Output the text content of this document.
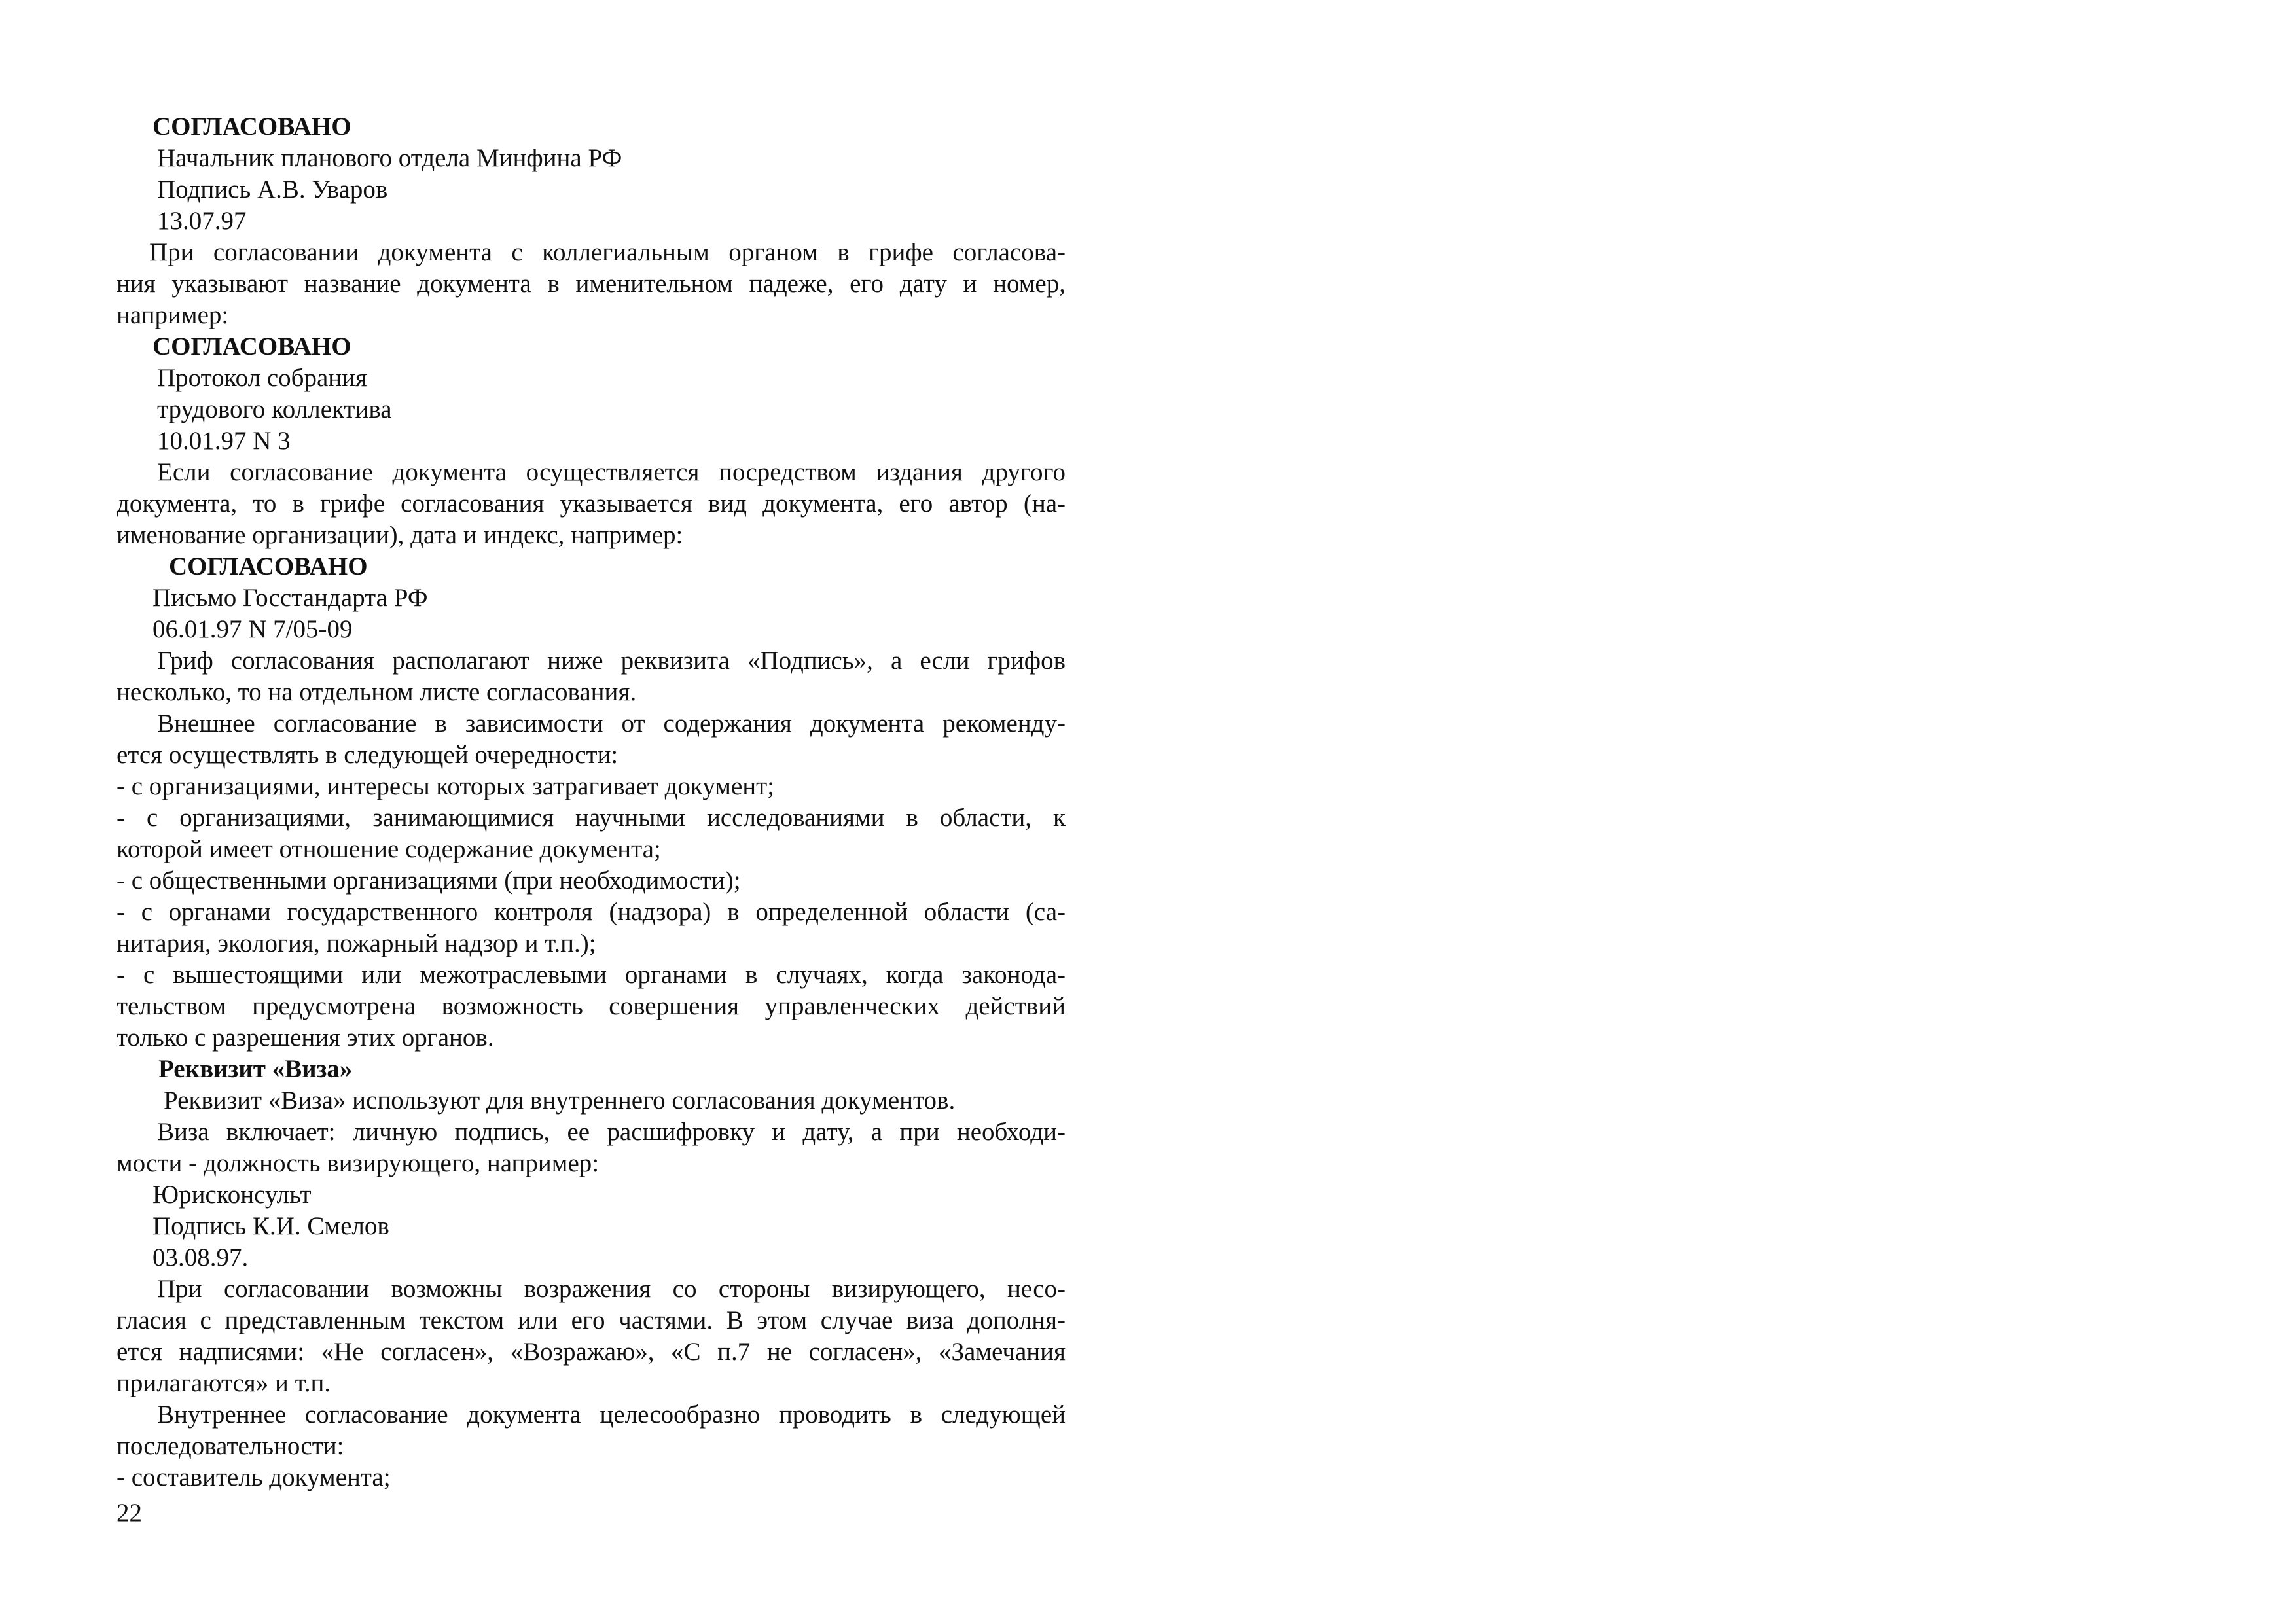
СОГЛАСОВАНО
Начальник планового отдела Минфина РФ
Подпись А.В. Уваров
13.07.97
При согласовании документа с коллегиальным органом в грифе согласова-
ния указывают название документа в именительном падеже, его дату и номер,
например:
СОГЛАСОВАНО
Протокол собрания
трудового коллектива
10.01.97 N 3
Если согласование документа осуществляется посредством издания другого
документа, то в грифе согласования указывается вид документа, его автор (на-
именование организации), дата и индекс, например:
СОГЛАСОВАНО
Письмо Госстандарта РФ
06.01.97 N 7/05-09
Гриф согласования располагают ниже реквизита «Подпись», а если грифов
несколько, то на отдельном листе согласования.
Внешнее согласование в зависимости от содержания документа рекоменду-
ется осуществлять в следующей очередности:
- с организациями, интересы которых затрагивает документ;
- с организациями, занимающимися научными исследованиями в области, к
которой имеет отношение содержание документа;
- с общественными организациями (при необходимости);
- с органами государственного контроля (надзора) в определенной области (са-
нитария, экология, пожарный надзор и т.п.);
- с вышестоящими или межотраслевыми органами в случаях, когда законода-
тельством предусмотрена возможность совершения управленческих действий
только с разрешения этих органов.
Реквизит «Виза»
Реквизит «Виза» используют для внутреннего согласования документов.
Виза включает: личную подпись, ее расшифровку и дату, а при необходи-
мости - должность визирующего, например:
Юрисконсульт
Подпись К.И. Смелов
03.08.97.
При согласовании возможны возражения со стороны визирующего, несо-
гласия с представленным текстом или его частями. В этом случае виза дополня-
ется надписями: «Не согласен», «Возражаю», «С п.7 не согласен», «Замечания
прилагаются» и т.п.
Внутреннее согласование документа целесообразно проводить в следующей
последовательности:
- составитель документа;
22
